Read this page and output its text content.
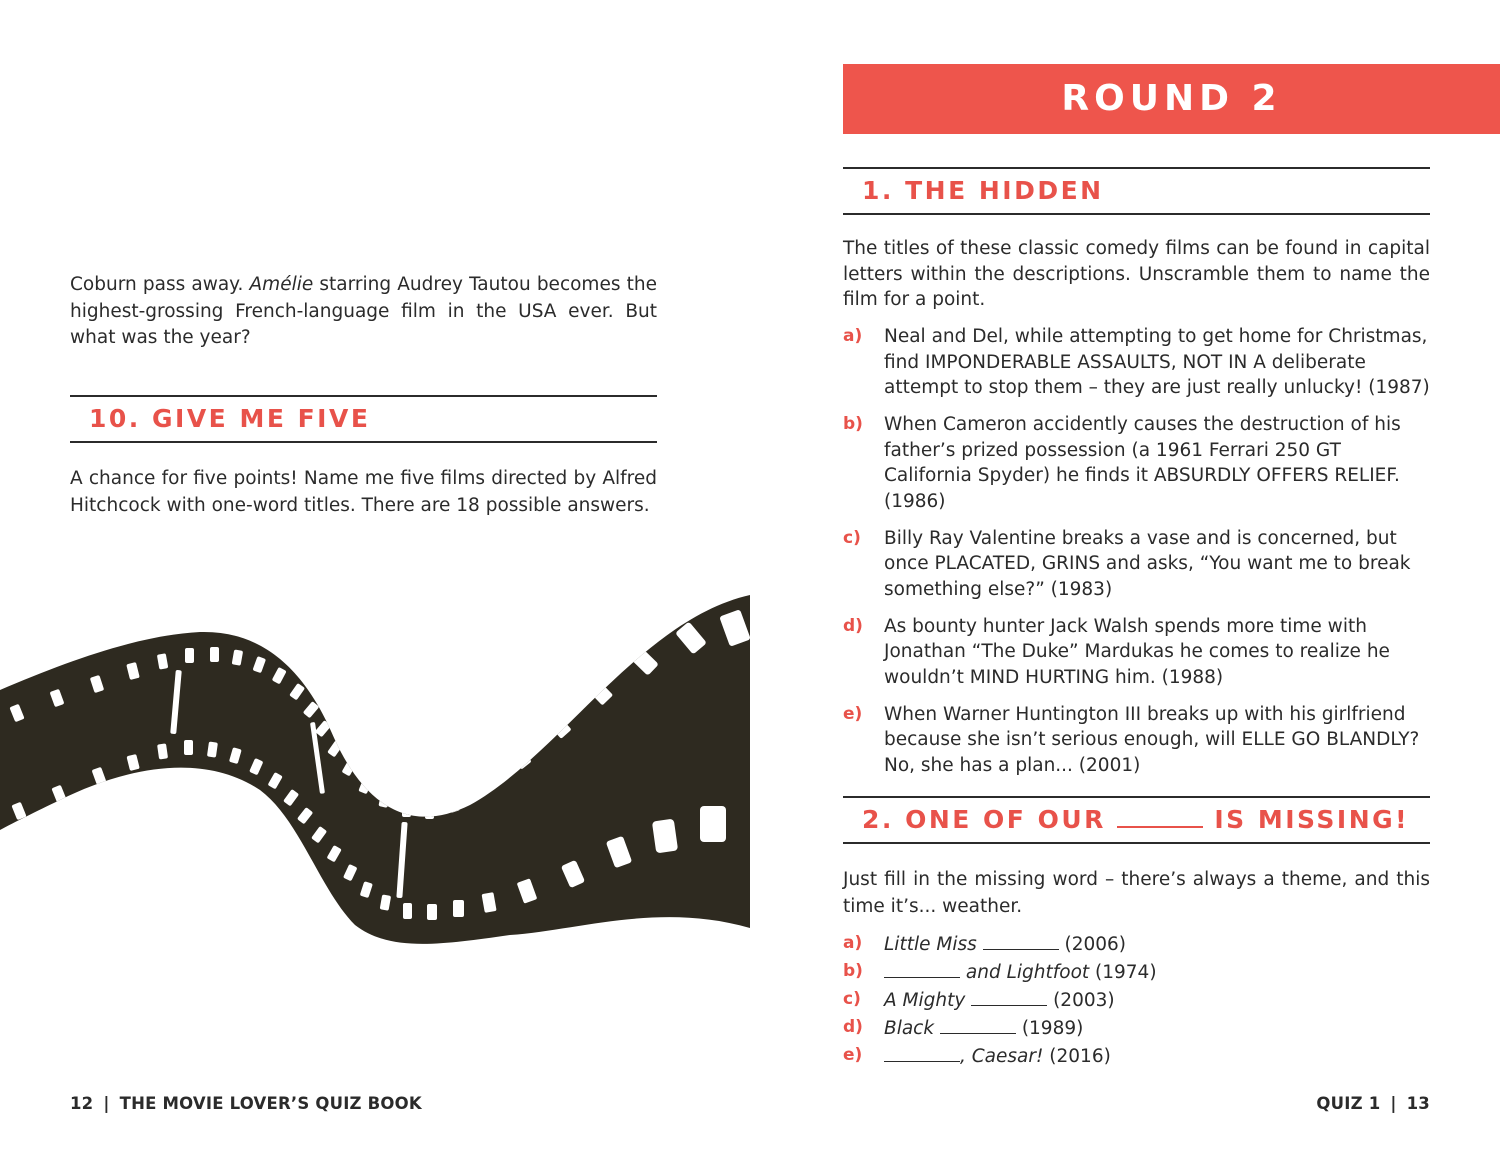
Coburn pass away. Amélie starring Audrey Tautou becomes the highest-grossing French-language film in the USA ever. But what was the year?

10. GIVE ME FIVE

A chance for five points! Name me five films directed by Alfred Hitchcock with one-word titles. There are 18 possible answers.

12 | THE MOVIE LOVER’S QUIZ BOOK
ROUND 2
1. THE HIDDEN

The titles of these classic comedy films can be found in capital letters within the descriptions. Unscramble them to name the film for a point.

a) Neal and Del, while attempting to get home for Christmas, find IMPONDERABLE ASSAULTS, NOT IN A deliberate attempt to stop them – they are just really unlucky! (1987)
b) When Cameron accidently causes the destruction of his father’s prized possession (a 1961 Ferrari 250 GT California Spyder) he finds it ABSURDLY OFFERS RELIEF. (1986)
c) Billy Ray Valentine breaks a vase and is concerned, but once PLACATED, GRINS and asks, “You want me to break something else?” (1983)
d) As bounty hunter Jack Walsh spends more time with Jonathan “The Duke” Mardukas he comes to realize he wouldn’t MIND HURTING him. (1988)
e) When Warner Huntington III breaks up with his girlfriend because she isn’t serious enough, will ELLE GO BLANDLY? No, she has a plan... (2001)
2. ONE OF OUR	IS MISSING!

Just fill in the missing word – there’s always a theme, and this time it’s... weather.

a) Little Miss	(2006)
b)	and Lightfoot (1974)
c) A Mighty	(2003)
d) Black	(1989)
e)	, Caesar! (2016)
QUIZ 1 | 13
